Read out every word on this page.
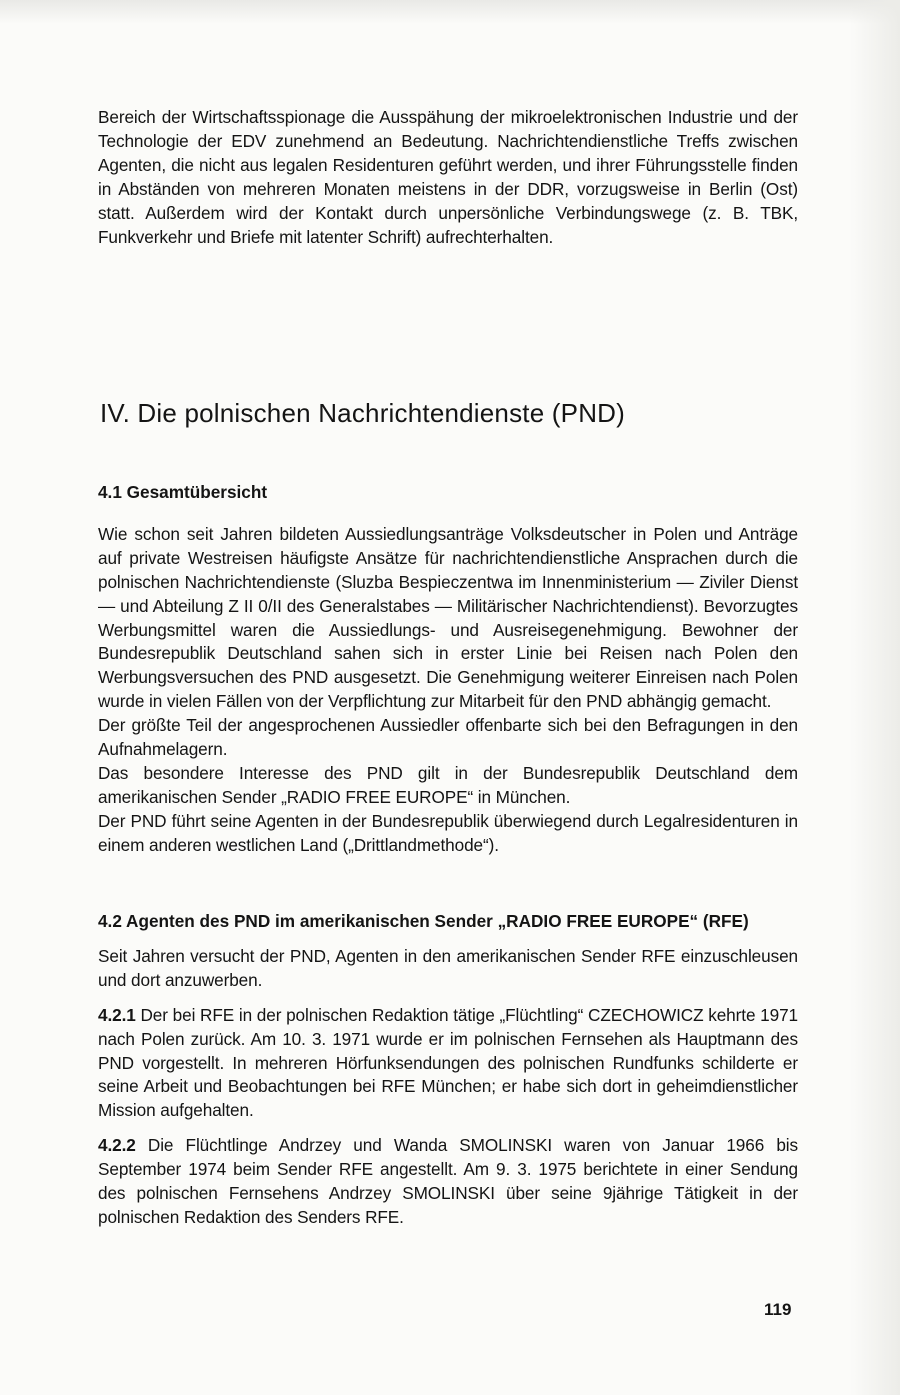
Bereich der Wirtschaftsspionage die Ausspähung der mikroelektronischen Industrie und der Technologie der EDV zunehmend an Bedeutung. Nachrichtendienstliche Treffs zwischen Agenten, die nicht aus legalen Residenturen geführt werden, und ihrer Führungsstelle finden in Abständen von mehreren Monaten meistens in der DDR, vorzugsweise in Berlin (Ost) statt. Außerdem wird der Kontakt durch unpersönliche Verbindungswege (z. B. TBK, Funkverkehr und Briefe mit latenter Schrift) aufrechterhalten.

IV. Die polnischen Nachrichtendienste (PND)
4.1 Gesamtübersicht

Wie schon seit Jahren bildeten Aussiedlungsanträge Volksdeutscher in Polen und Anträge auf private Westreisen häufigste Ansätze für nachrichtendienstliche Ansprachen durch die polnischen Nachrichtendienste (Sluzba Bespieczentwa im Innenministerium — Ziviler Dienst — und Abteilung Z II 0/II des Generalstabes — Militärischer Nachrichtendienst). Bevorzugtes Werbungsmittel waren die Aussiedlungs- und Ausreisegenehmigung. Bewohner der Bundesrepublik Deutschland sahen sich in erster Linie bei Reisen nach Polen den Werbungsversuchen des PND ausgesetzt. Die Genehmigung weiterer Einreisen nach Polen wurde in vielen Fällen von der Verpflichtung zur Mitarbeit für den PND abhängig gemacht.

Der größte Teil der angesprochenen Aussiedler offenbarte sich bei den Befragungen in den Aufnahmelagern.

Das besondere Interesse des PND gilt in der Bundesrepublik Deutschland dem amerikanischen Sender „RADIO FREE EUROPE“ in München.

Der PND führt seine Agenten in der Bundesrepublik überwiegend durch Legalresidenturen in einem anderen westlichen Land („Drittlandmethode“).

4.2 Agenten des PND im amerikanischen Sender „RADIO FREE EUROPE“ (RFE)

Seit Jahren versucht der PND, Agenten in den amerikanischen Sender RFE einzuschleusen und dort anzuwerben.

4.2.1 Der bei RFE in der polnischen Redaktion tätige „Flüchtling“ CZECHOWICZ kehrte 1971 nach Polen zurück. Am 10. 3. 1971 wurde er im polnischen Fernsehen als Hauptmann des PND vorgestellt. In mehreren Hörfunksendungen des polnischen Rundfunks schilderte er seine Arbeit und Beobachtungen bei RFE München; er habe sich dort in geheimdienstlicher Mission aufgehalten.

4.2.2 Die Flüchtlinge Andrzey und Wanda SMOLINSKI waren von Januar 1966 bis September 1974 beim Sender RFE angestellt. Am 9. 3. 1975 berichtete in einer Sendung des polnischen Fernsehens Andrzey SMOLINSKI über seine 9jährige Tätigkeit in der polnischen Redaktion des Senders RFE.

119
